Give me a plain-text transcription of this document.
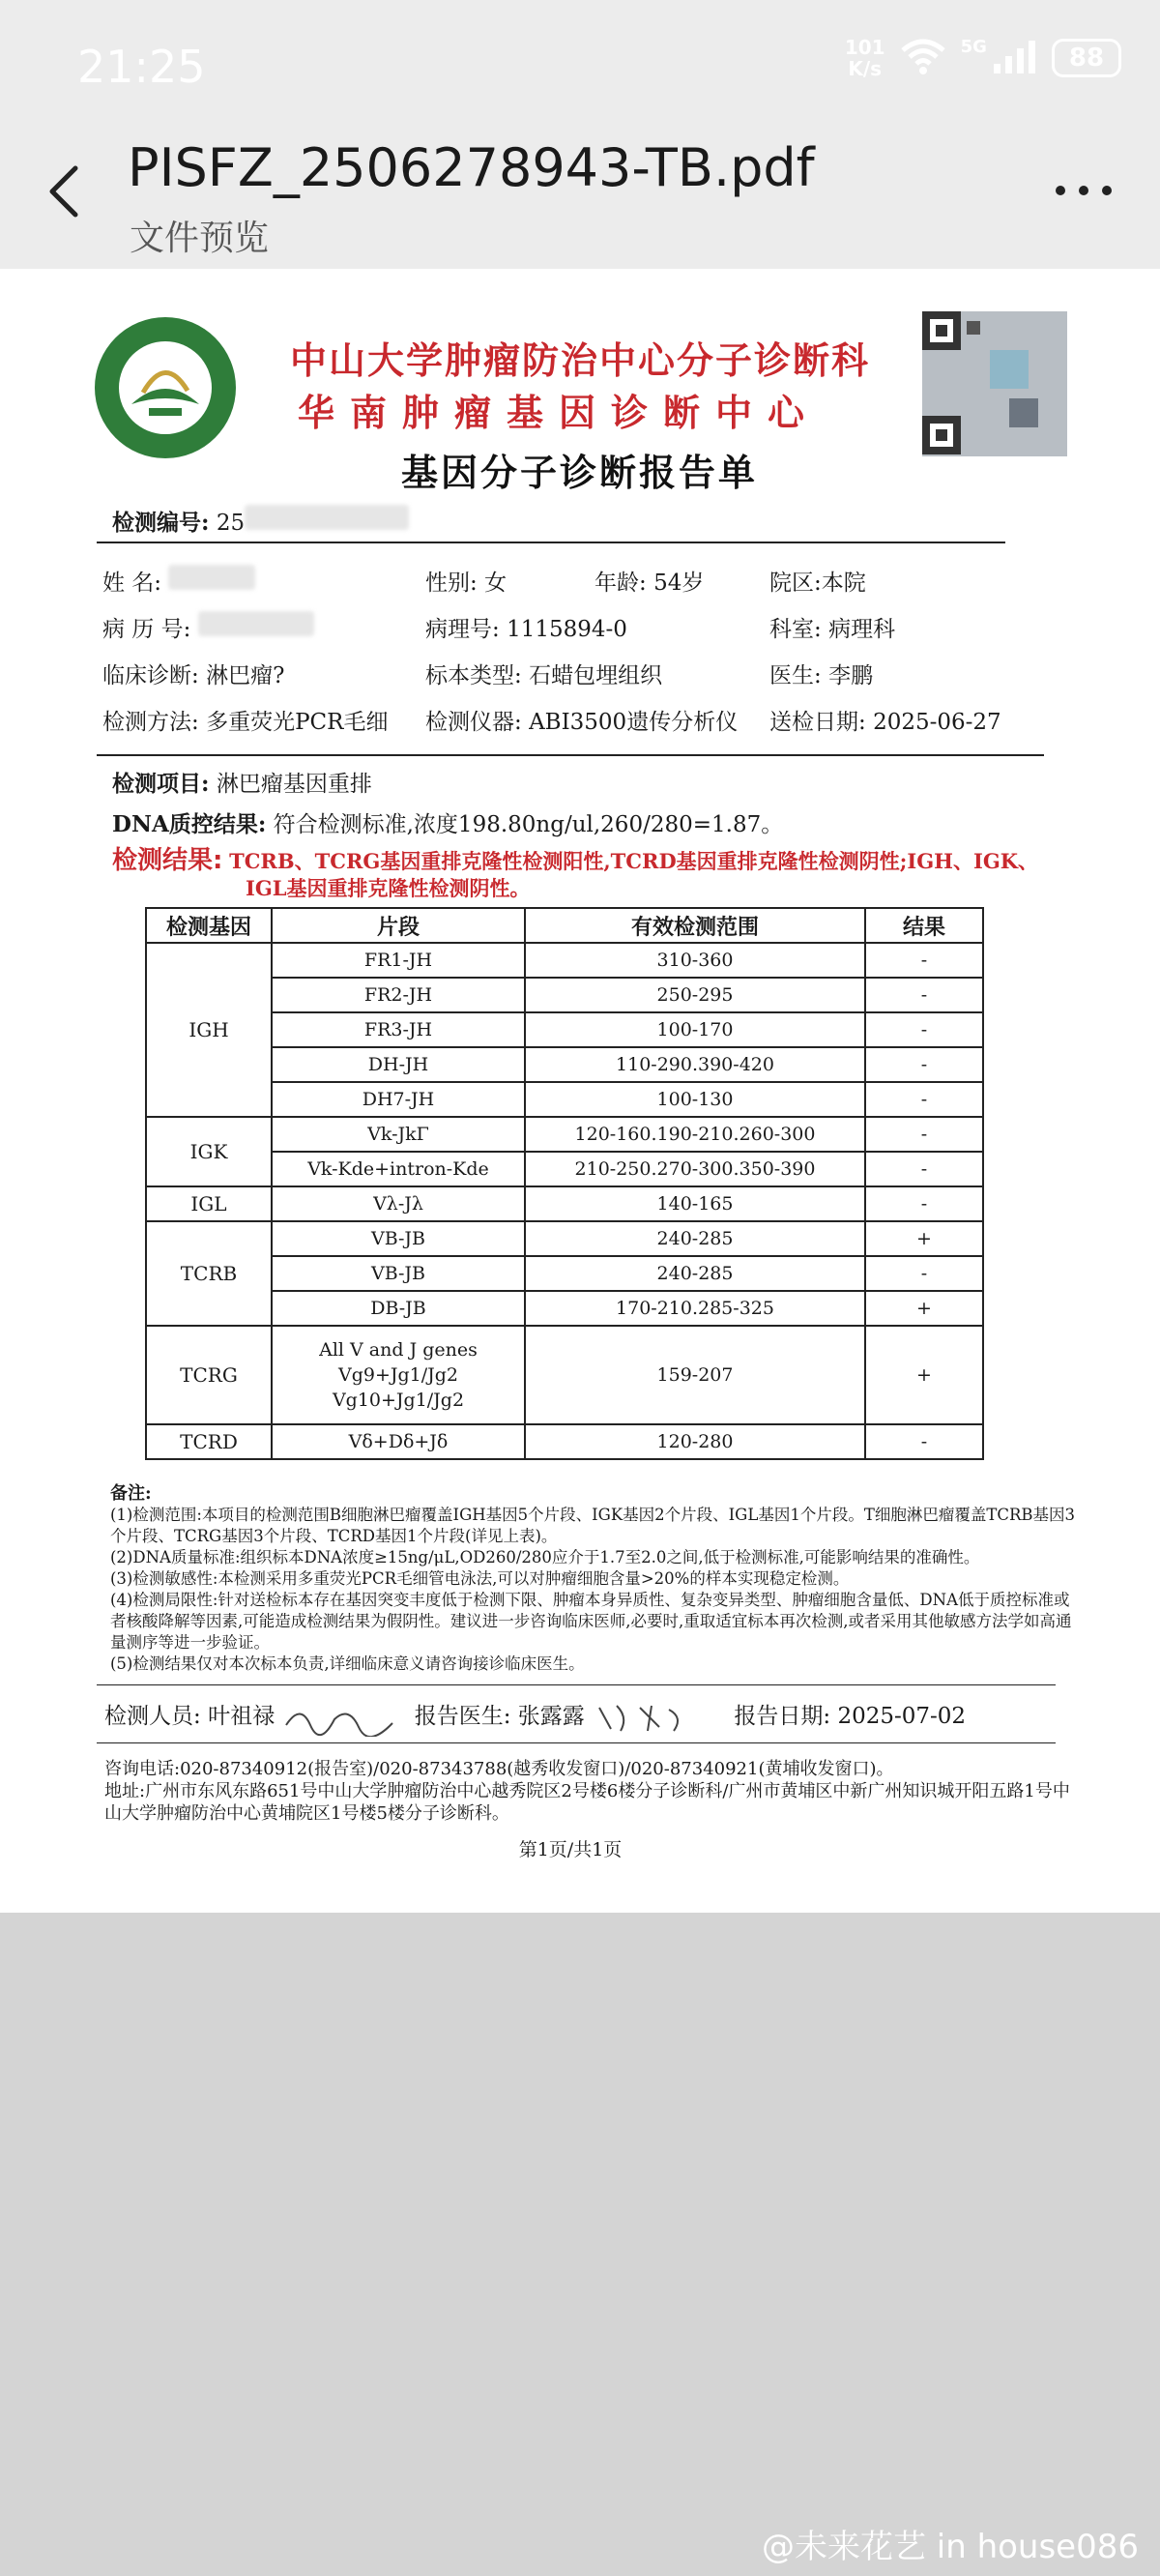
21:25	101
K/s
5G	88
PISFZ_2506278943-TB.pdf
文件预览
中山大学肿瘤防治中心分子诊断科
华南肿瘤基因诊断中心
基因分子诊断报告单
检测编号: 25
姓 名:	性别: 女	年龄: 54岁	院区:本院
病 历 号:	病理号: 1115894-0	科室: 病理科
临床诊断: 淋巴瘤?	标本类型: 石蜡包埋组织	医生: 李鹏
检测方法: 多重荧光PCR毛细 检测仪器: ABI3500遗传分析仪 送检日期: 2025-06-27
检测项目: 淋巴瘤基因重排
DNA质控结果: 符合检测标准,浓度198.80ng/ul,260/280=1.87。
检测结果: TCRB、TCRG基因重排克隆性检测阳性,TCRD基因重排克隆性检测阴性;IGH、IGK、
IGL基因重排克隆性检测阴性。
检测基因	片段	有效检测范围	结果
IGH	FR1-JH	310-360	-
	FR2-JH	250-295	-
	FR3-JH	100-170	-
	DH-JH	110-290.390-420	-
	DH7-JH	100-130	-
IGK	Vk-JkΓ	120-160.190-210.260-300	-
	Vk-Kde+intron-Kde	210-250.270-300.350-390	-
IGL	Vλ-Jλ	140-165	-
TCRB	VB-JB	240-285	+
	VB-JB	240-285	-
	DB-JB	170-210.285-325	+
TCRG	All V and J genes
Vg9+Jg1/Jg2
Vg10+Jg1/Jg2	159-207	+
TCRD	Vδ+Dδ+Jδ	120-280	-
备注:
(1)检测范围:本项目的检测范围B细胞淋巴瘤覆盖IGH基因5个片段、IGK基因2个片段、IGL基因1个片段。T细胞淋巴瘤覆盖TCRB基因3个片段、TCRG基因3个片段、TCRD基因1个片段(详见上表)。
(2)DNA质量标准:组织标本DNA浓度≥15ng/μL,OD260/280应介于1.7至2.0之间,低于检测标准,可能影响结果的准确性。
(3)检测敏感性:本检测采用多重荧光PCR毛细管电泳法,可以对肿瘤细胞含量>20%的样本实现稳定检测。
(4)检测局限性:针对送检标本存在基因突变丰度低于检测下限、肿瘤本身异质性、复杂变异类型、肿瘤细胞含量低、DNA低于质控标准或者核酸降解等因素,可能造成检测结果为假阴性。建议进一步咨询临床医师,必要时,重取适宜标本再次检测,或者采用其他敏感方法学如高通量测序等进一步验证。
(5)检测结果仅对本次标本负责,详细临床意义请咨询接诊临床医生。
检测人员: 叶祖禄	报告医生: 张露露	报告日期: 2025-07-02
咨询电话:020-87340912(报告室)/020-87343788(越秀收发窗口)/020-87340921(黄埔收发窗口)。
地址:广州市东风东路651号中山大学肿瘤防治中心越秀院区2号楼6楼分子诊断科/广州市黄埔区中新广州知识城开阳五路1号中山大学肿瘤防治中心黄埔院区1号楼5楼分子诊断科。
第1页/共1页
@未来花艺 in house086
